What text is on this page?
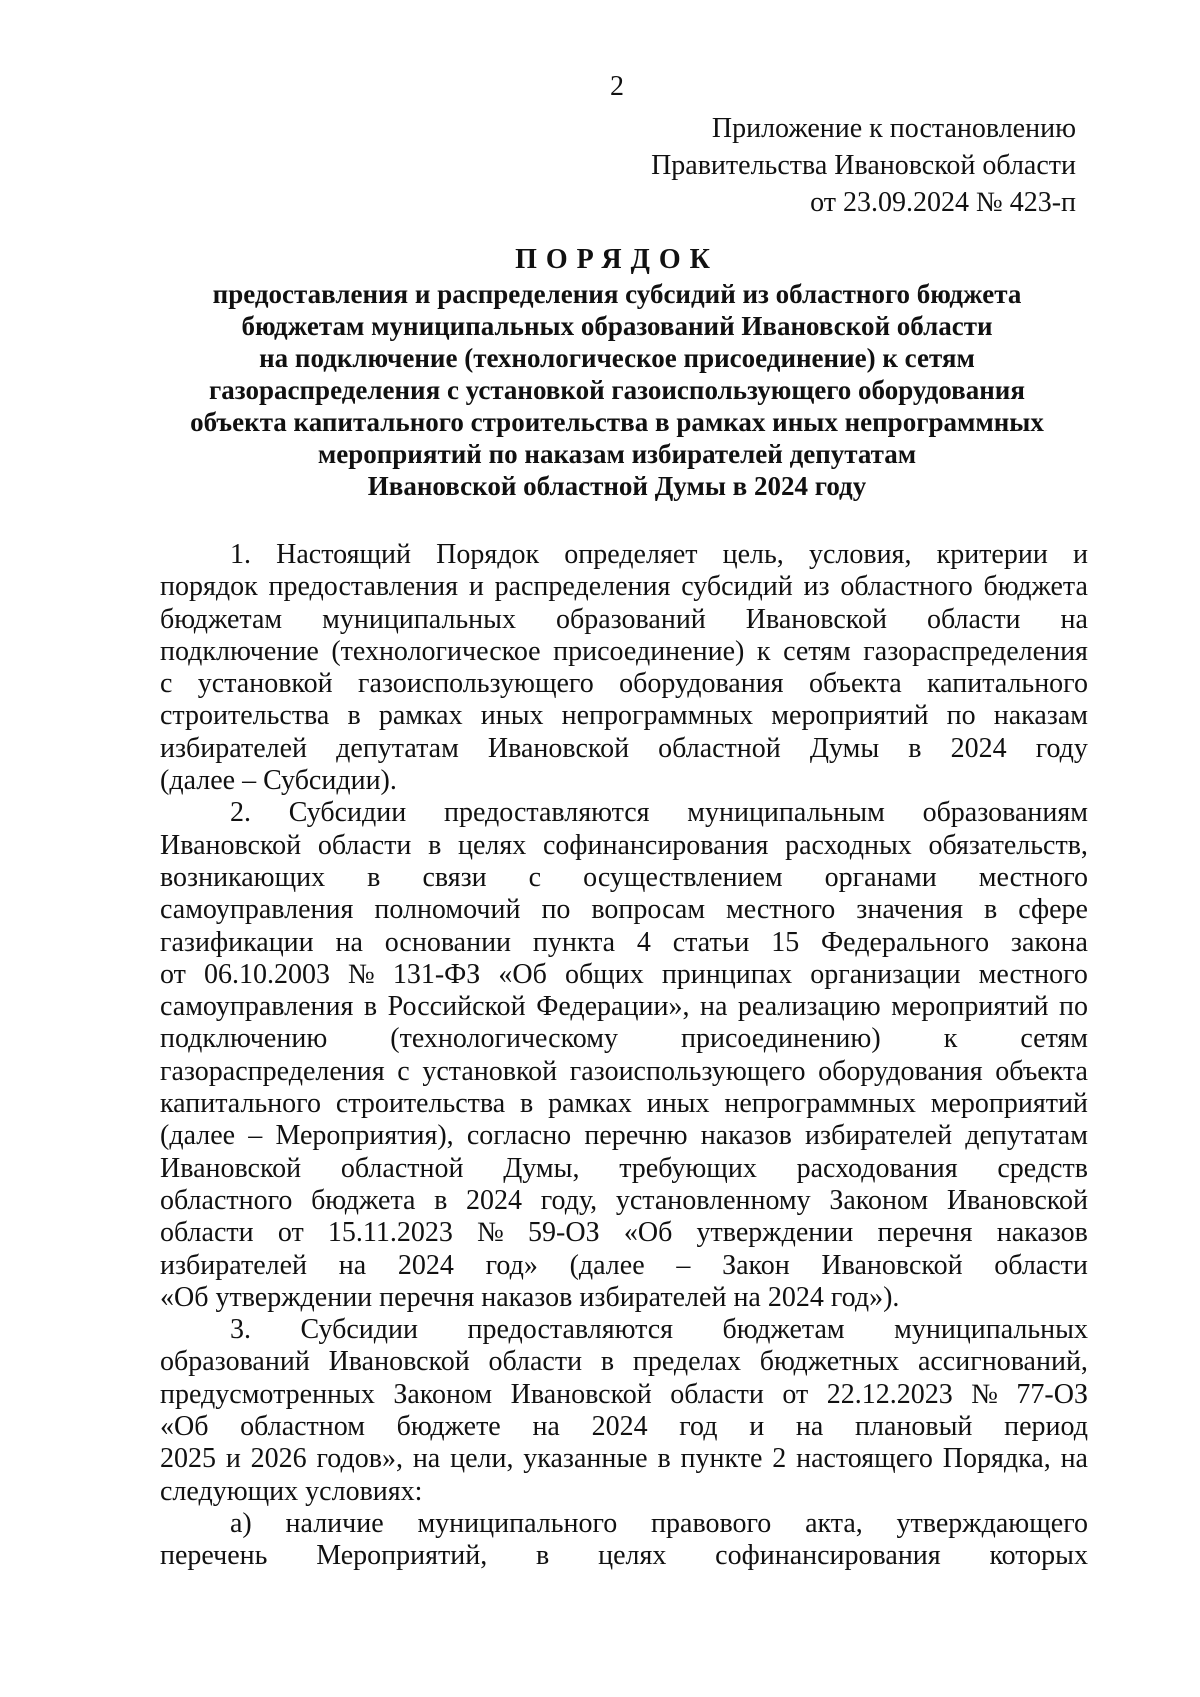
2
Приложение к постановлению
Правительства Ивановской области
от 23.09.2024 № 423-п
ПОРЯДОК
предоставления и распределения субсидий из областного бюджета
бюджетам муниципальных образований Ивановской области
на подключение (технологическое присоединение) к сетям
газораспределения с установкой газоиспользующего оборудования
объекта капитального строительства в рамках иных непрограммных
мероприятий по наказам избирателей депутатам
Ивановской областной Думы в 2024 году
1. Настоящий Порядок определяет цель, условия, критерии и
порядок предоставления и распределения субсидий из областного бюджета
бюджетам муниципальных образований Ивановской области на
подключение (технологическое присоединение) к сетям газораспределения
с установкой газоиспользующего оборудования объекта капитального
строительства в рамках иных непрограммных мероприятий по наказам
избирателей депутатам Ивановской областной Думы в 2024 году
(далее – Субсидии).
2. Субсидии предоставляются муниципальным образованиям
Ивановской области в целях софинансирования расходных обязательств,
возникающих в связи с осуществлением органами местного
самоуправления полномочий по вопросам местного значения в сфере
газификации на основании пункта 4 статьи 15 Федерального закона
от 06.10.2003 № 131-ФЗ «Об общих принципах организации местного
самоуправления в Российской Федерации», на реализацию мероприятий по
подключению (технологическому присоединению) к сетям
газораспределения с установкой газоиспользующего оборудования объекта
капитального строительства в рамках иных непрограммных мероприятий
(далее – Мероприятия), согласно перечню наказов избирателей депутатам
Ивановской областной Думы, требующих расходования средств
областного бюджета в 2024 году, установленному Законом Ивановской
области от 15.11.2023 № 59-ОЗ «Об утверждении перечня наказов
избирателей на 2024 год» (далее – Закон Ивановской области
«Об утверждении перечня наказов избирателей на 2024 год»).
3. Субсидии предоставляются бюджетам муниципальных
образований Ивановской области в пределах бюджетных ассигнований,
предусмотренных Законом Ивановской области от 22.12.2023 № 77-ОЗ
«Об областном бюджете на 2024 год и на плановый период
2025 и 2026 годов», на цели, указанные в пункте 2 настоящего Порядка, на
следующих условиях:
а) наличие муниципального правового акта, утверждающего
перечень Мероприятий, в целях софинансирования которых
